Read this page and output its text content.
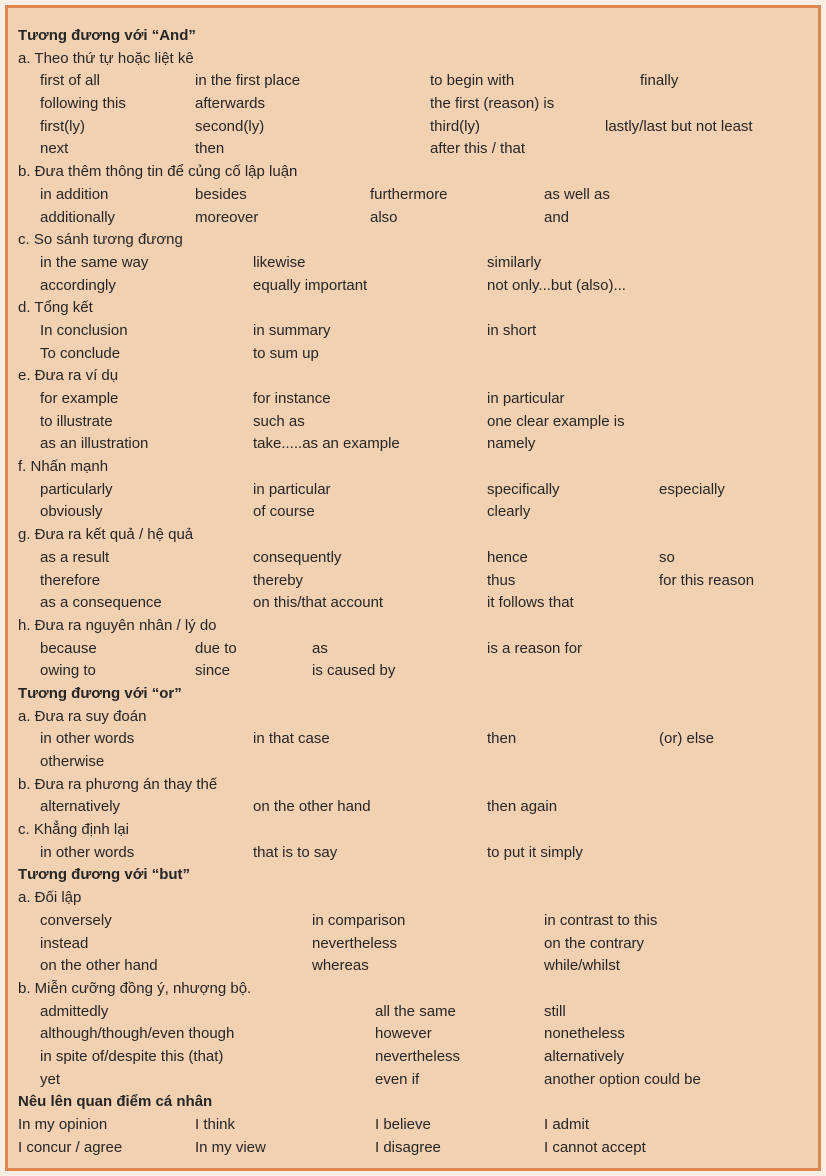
Tương đương với “And”
a. Theo thứ tự hoặc liệt kê
first of all	in the first place	to begin with	finally
following this	afterwards	the first (reason) is
first(ly)	second(ly)	third(ly)	lastly/last but not least
next	then	after this / that
b. Đưa thêm thông tin để củng cố lập luận
in addition	besides	furthermore	as well as
additionally	moreover	also	and
c. So sánh tương đương
in the same way	likewise	similarly
accordingly	equally important	not only...but (also)...
d. Tổng kết
In conclusion	in summary	in short
To conclude	to sum up
e. Đưa ra ví dụ
for example	for instance	in particular
to illustrate	such as	one clear example is
as an illustration	take.....as an example	namely
f. Nhấn mạnh
particularly	in particular	specifically	especially
obviously	of course	clearly
g. Đưa ra kết quả / hệ quả
as a result	consequently	hence	so
therefore	thereby	thus	for this reason
as a consequence	on this/that account	it follows that
h. Đưa ra nguyên nhân / lý do
because	due to	as	is a reason for
owing to	since	is caused by
Tương đương với “or”
a. Đưa ra suy đoán
in other words	in that case	then	(or) else
otherwise
b. Đưa ra phương án thay thế
alternatively	on the other hand	then again
c. Khẳng định lại
in other words	that is to say	to put it simply
Tương đương với “but”
a. Đối lập
conversely	in comparison	in contrast to this
instead	nevertheless	on the contrary
on the other hand	whereas	while/whilst
b. Miễn cưỡng đồng ý, nhượng bộ.
admittedly	all the same	still
although/though/even though	however	nonetheless
in spite of/despite this (that)	nevertheless	alternatively
yet	even if	another option could be
Nêu lên quan điểm cá nhân
In my opinion	I think	I believe	I admit
I concur / agree	In my view	I disagree	I cannot accept
